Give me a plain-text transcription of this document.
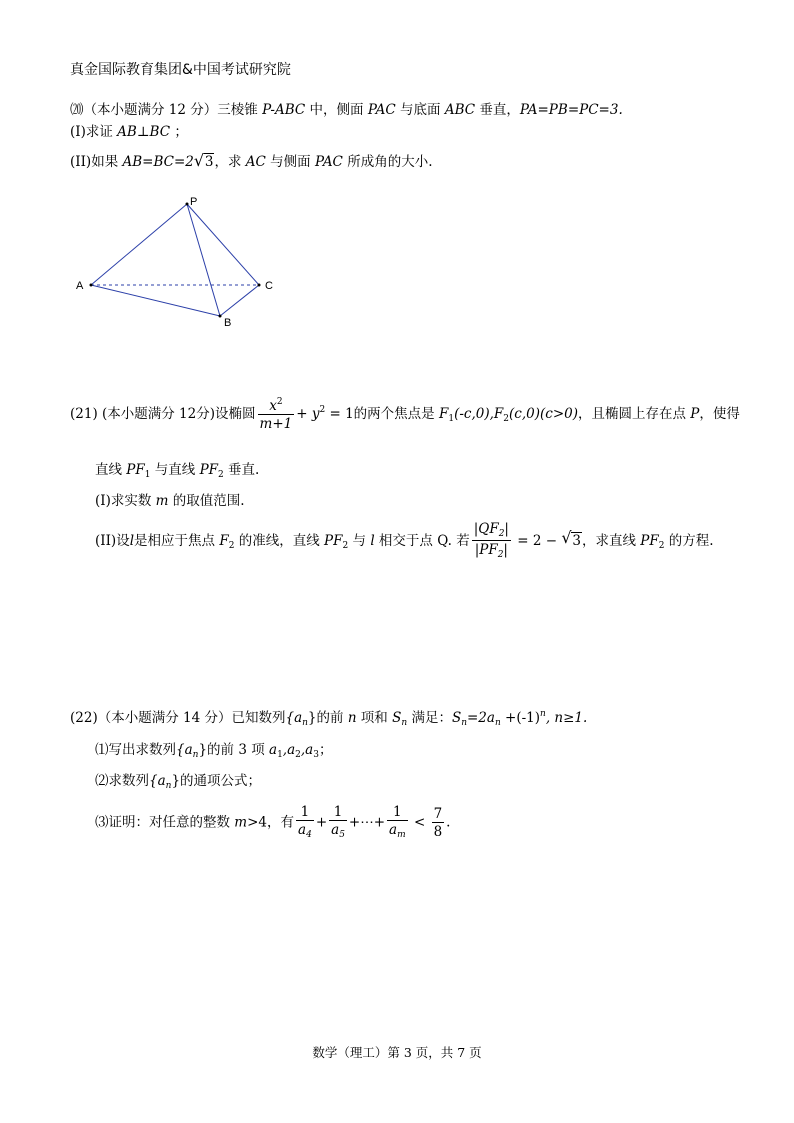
真金国际教育集团&中国考试研究院
⒇（本小题满分 12 分）三棱锥 P-ABC 中，侧面 PAC 与底面 ABC 垂直，PA=PB=PC=3.
(I)求证 AB⊥BC ；
(II)如果 AB=BC=2 √ 3，求 AC 与侧面 PAC 所成角的大小.
P
A
B
C
(21) (本小题满分 12分)设椭圆 $\frac{x^2}{m+1} + y^2 = 1$的两个焦点是 $F_1(-c,0),F_2(c,0)(c>0)$，且椭圆上存在点 P，使得
直线 $PF_1$ 与直线 $PF_2$ 垂直.
(I)求实数 m 的取值范围.
(II)设l是相应于焦点 $F_2$ 的准线，直线 $PF_2$ 与 l 相交于点 Q. 若 $\frac{|QF_2|}{|PF_2|} = 2$ − √ 3，求直线 $PF_2$ 的方程.
(22)（本小题满分 14 分）已知数列$\{a_n\}$的前 n 项和 $S_n$ 满足：$S_n=2a_n +(-1)^n$, n≥1.
⑴写出求数列$\{a_n\}$的前 3 项 $a_1,a_2,a_3$；
⑵求数列$\{a_n\}$的通项公式；
⑶证明：对任意的整数 m>4，有 $\frac{1}{a_4} + \frac{1}{a_5}$ +⋯+ $\frac{1}{a_m} < \frac{7}{8}$ .
数学（理工）第 3 页，共 7 页
